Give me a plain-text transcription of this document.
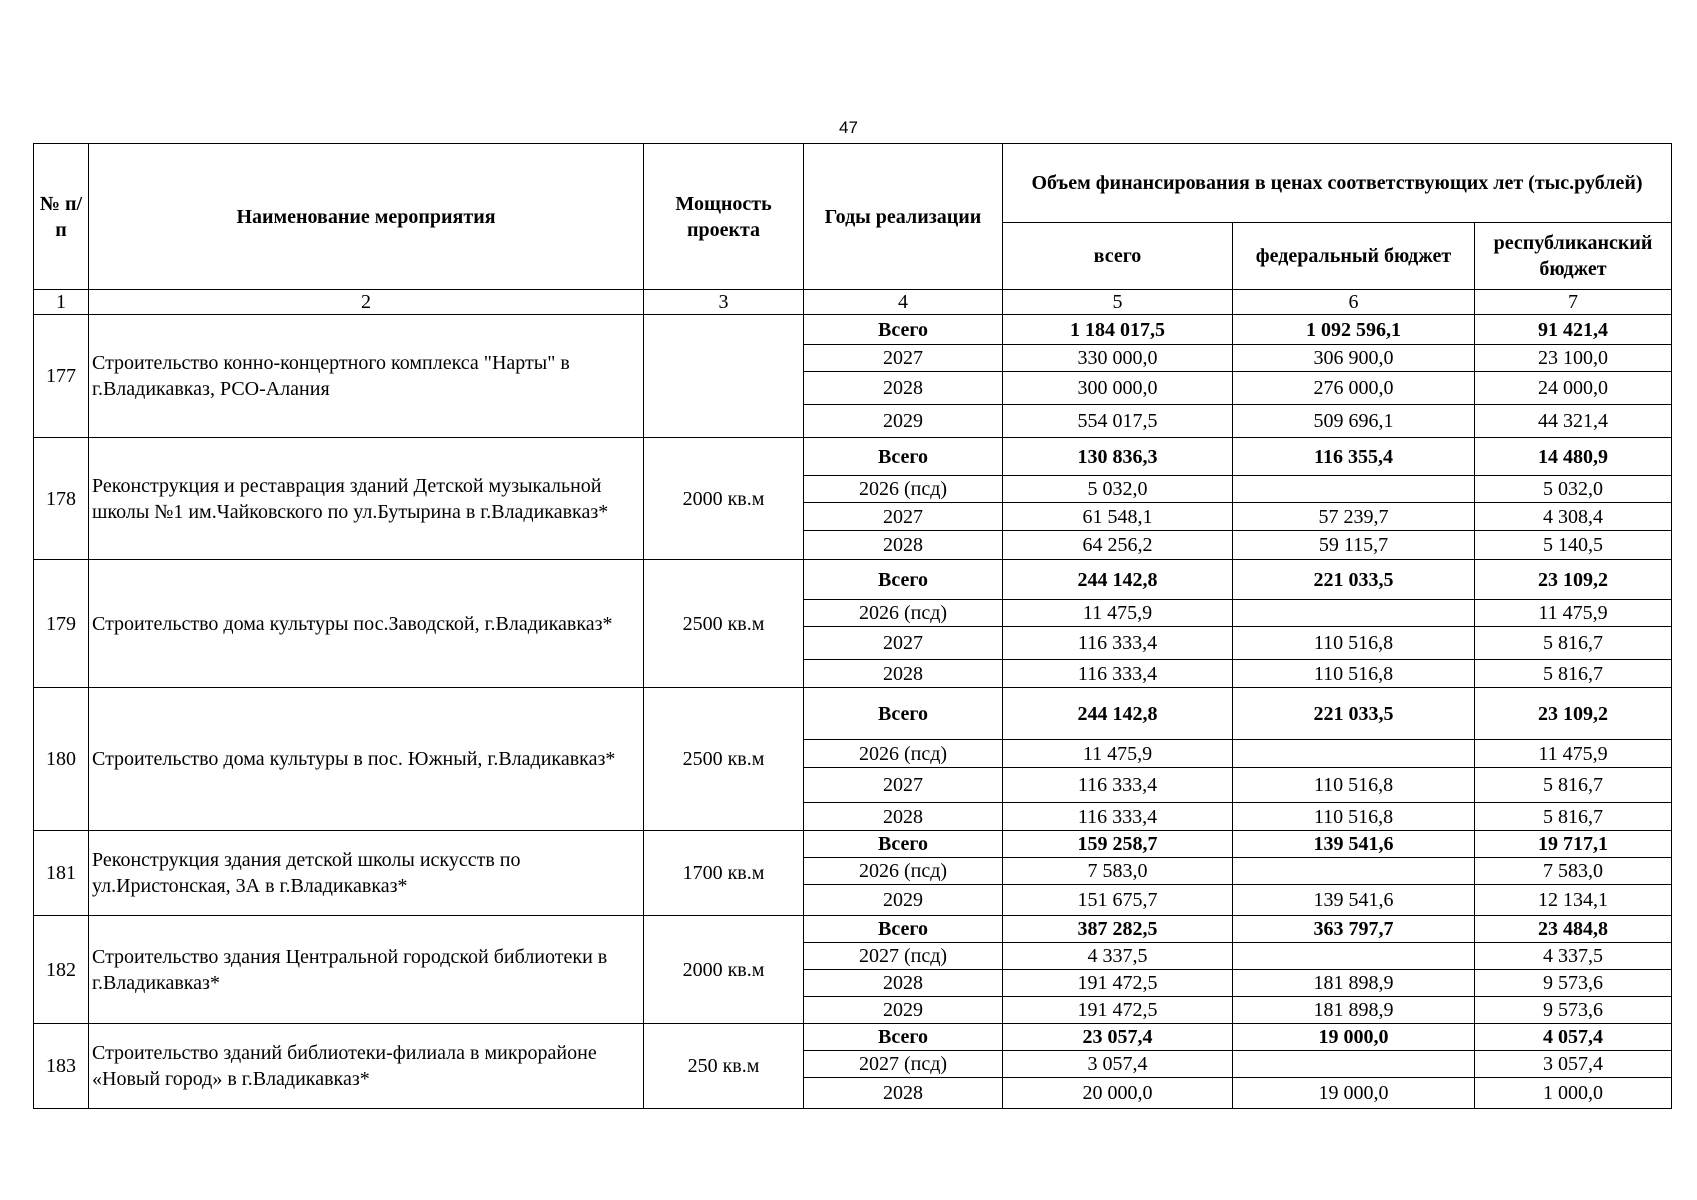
47
№ п/п	Наименование мероприятия	Мощность проекта	Годы реализации	Объем финансирования в ценах соответствующих лет (тыс.рублей)		
				всего	федеральный бюджет	республиканский бюджет
1	2	3	4	5	6	7
177	Строительство конно-концертного комплекса "Нарты" в г.Владикавказ, РСО-Алания		Всего	1 184 017,5	1 092 596,1	91 421,4
			2027	330 000,0	306 900,0	23 100,0
			2028	300 000,0	276 000,0	24 000,0
			2029	554 017,5	509 696,1	44 321,4
178	Реконструкция и реставрация зданий Детской музыкальной школы №1 им.Чайковского по ул.Бутырина в г.Владикавказ*	2000 кв.м	Всего	130 836,3	116 355,4	14 480,9
			2026 (псд)	5 032,0		5 032,0
			2027	61 548,1	57 239,7	4 308,4
			2028	64 256,2	59 115,7	5 140,5
179	Строительство дома культуры пос.Заводской, г.Владикавказ*	2500 кв.м	Всего	244 142,8	221 033,5	23 109,2
			2026 (псд)	11 475,9		11 475,9
			2027	116 333,4	110 516,8	5 816,7
			2028	116 333,4	110 516,8	5 816,7
180	Строительство дома культуры в пос. Южный, г.Владикавказ*	2500 кв.м	Всего	244 142,8	221 033,5	23 109,2
			2026 (псд)	11 475,9		11 475,9
			2027	116 333,4	110 516,8	5 816,7
			2028	116 333,4	110 516,8	5 816,7
181	Реконструкция здания детской школы искусств по ул.Иристонская, 3А в г.Владикавказ*	1700 кв.м	Всего	159 258,7	139 541,6	19 717,1
			2026 (псд)	7 583,0		7 583,0
			2029	151 675,7	139 541,6	12 134,1
182	Строительство здания Центральной городской библиотеки в г.Владикавказ*	2000 кв.м	Всего	387 282,5	363 797,7	23 484,8
			2027 (псд)	4 337,5		4 337,5
			2028	191 472,5	181 898,9	9 573,6
			2029	191 472,5	181 898,9	9 573,6
183	Строительство зданий библиотеки-филиала в микрорайоне «Новый город» в г.Владикавказ*	250 кв.м	Всего	23 057,4	19 000,0	4 057,4
			2027 (псд)	3 057,4		3 057,4
			2028	20 000,0	19 000,0	1 000,0
